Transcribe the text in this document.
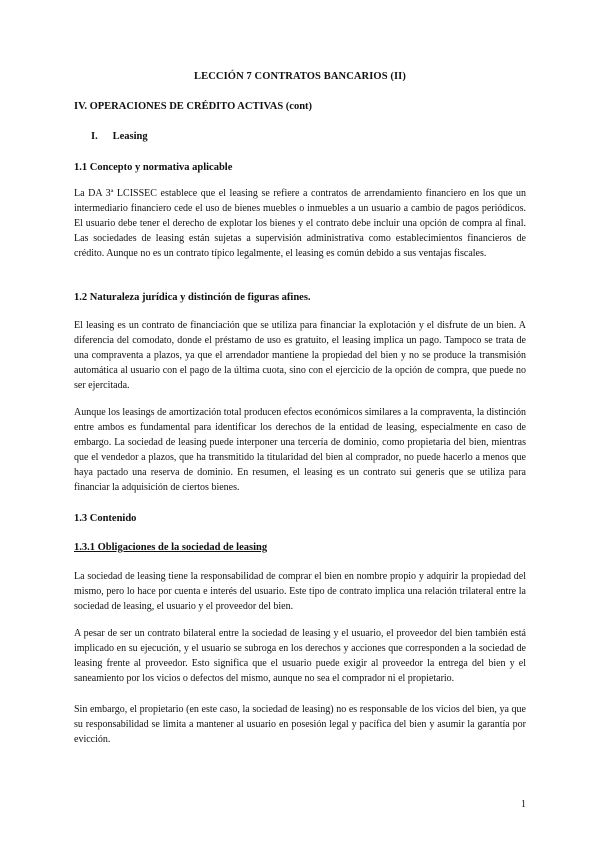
LECCIÓN 7 CONTRATOS BANCARIOS (II)
IV. OPERACIONES DE CRÉDITO ACTIVAS (cont)
I. Leasing
1.1 Concepto y normativa aplicable

La DA 3ª LCISSEC establece que el leasing se refiere a contratos de arrendamiento financiero en los que un intermediario financiero cede el uso de bienes muebles o inmuebles a un usuario a cambio de pagos periódicos. El usuario debe tener el derecho de explotar los bienes y el contrato debe incluir una opción de compra al final. Las sociedades de leasing están sujetas a supervisión administrativa como establecimientos financieros de crédito. Aunque no es un contrato típico legalmente, el leasing es común debido a sus ventajas fiscales.

1.2 Naturaleza jurídica y distinción de figuras afines.

El leasing es un contrato de financiación que se utiliza para financiar la explotación y el disfrute de un bien. A diferencia del comodato, donde el préstamo de uso es gratuito, el leasing implica un pago. Tampoco se trata de una compraventa a plazos, ya que el arrendador mantiene la propiedad del bien y no se produce la transmisión automática al usuario con el pago de la última cuota, sino con el ejercicio de la opción de compra, que puede no ser ejercitada.

Aunque los leasings de amortización total producen efectos económicos similares a la compraventa, la distinción entre ambos es fundamental para identificar los derechos de la entidad de leasing, especialmente en caso de embargo. La sociedad de leasing puede interponer una tercería de dominio, como propietaria del bien, mientras que el vendedor a plazos, que ha transmitido la titularidad del bien al comprador, no puede hacerlo a menos que haya pactado una reserva de dominio. En resumen, el leasing es un contrato sui generis que se utiliza para financiar la adquisición de ciertos bienes.

1.3 Contenido
1.3.1 Obligaciones de la sociedad de leasing

La sociedad de leasing tiene la responsabilidad de comprar el bien en nombre propio y adquirir la propiedad del mismo, pero lo hace por cuenta e interés del usuario. Este tipo de contrato implica una relación trilateral entre la sociedad de leasing, el usuario y el proveedor del bien.

A pesar de ser un contrato bilateral entre la sociedad de leasing y el usuario, el proveedor del bien también está implicado en su ejecución, y el usuario se subroga en los derechos y acciones que corresponden a la sociedad de leasing frente al proveedor. Esto significa que el usuario puede exigir al proveedor la entrega del bien y el saneamiento por los vicios o defectos del mismo, aunque no sea el comprador ni el propietario.

Sin embargo, el propietario (en este caso, la sociedad de leasing) no es responsable de los vicios del bien, ya que su responsabilidad se limita a mantener al usuario en posesión legal y pacífica del bien y asumir la garantía por evicción.

1
